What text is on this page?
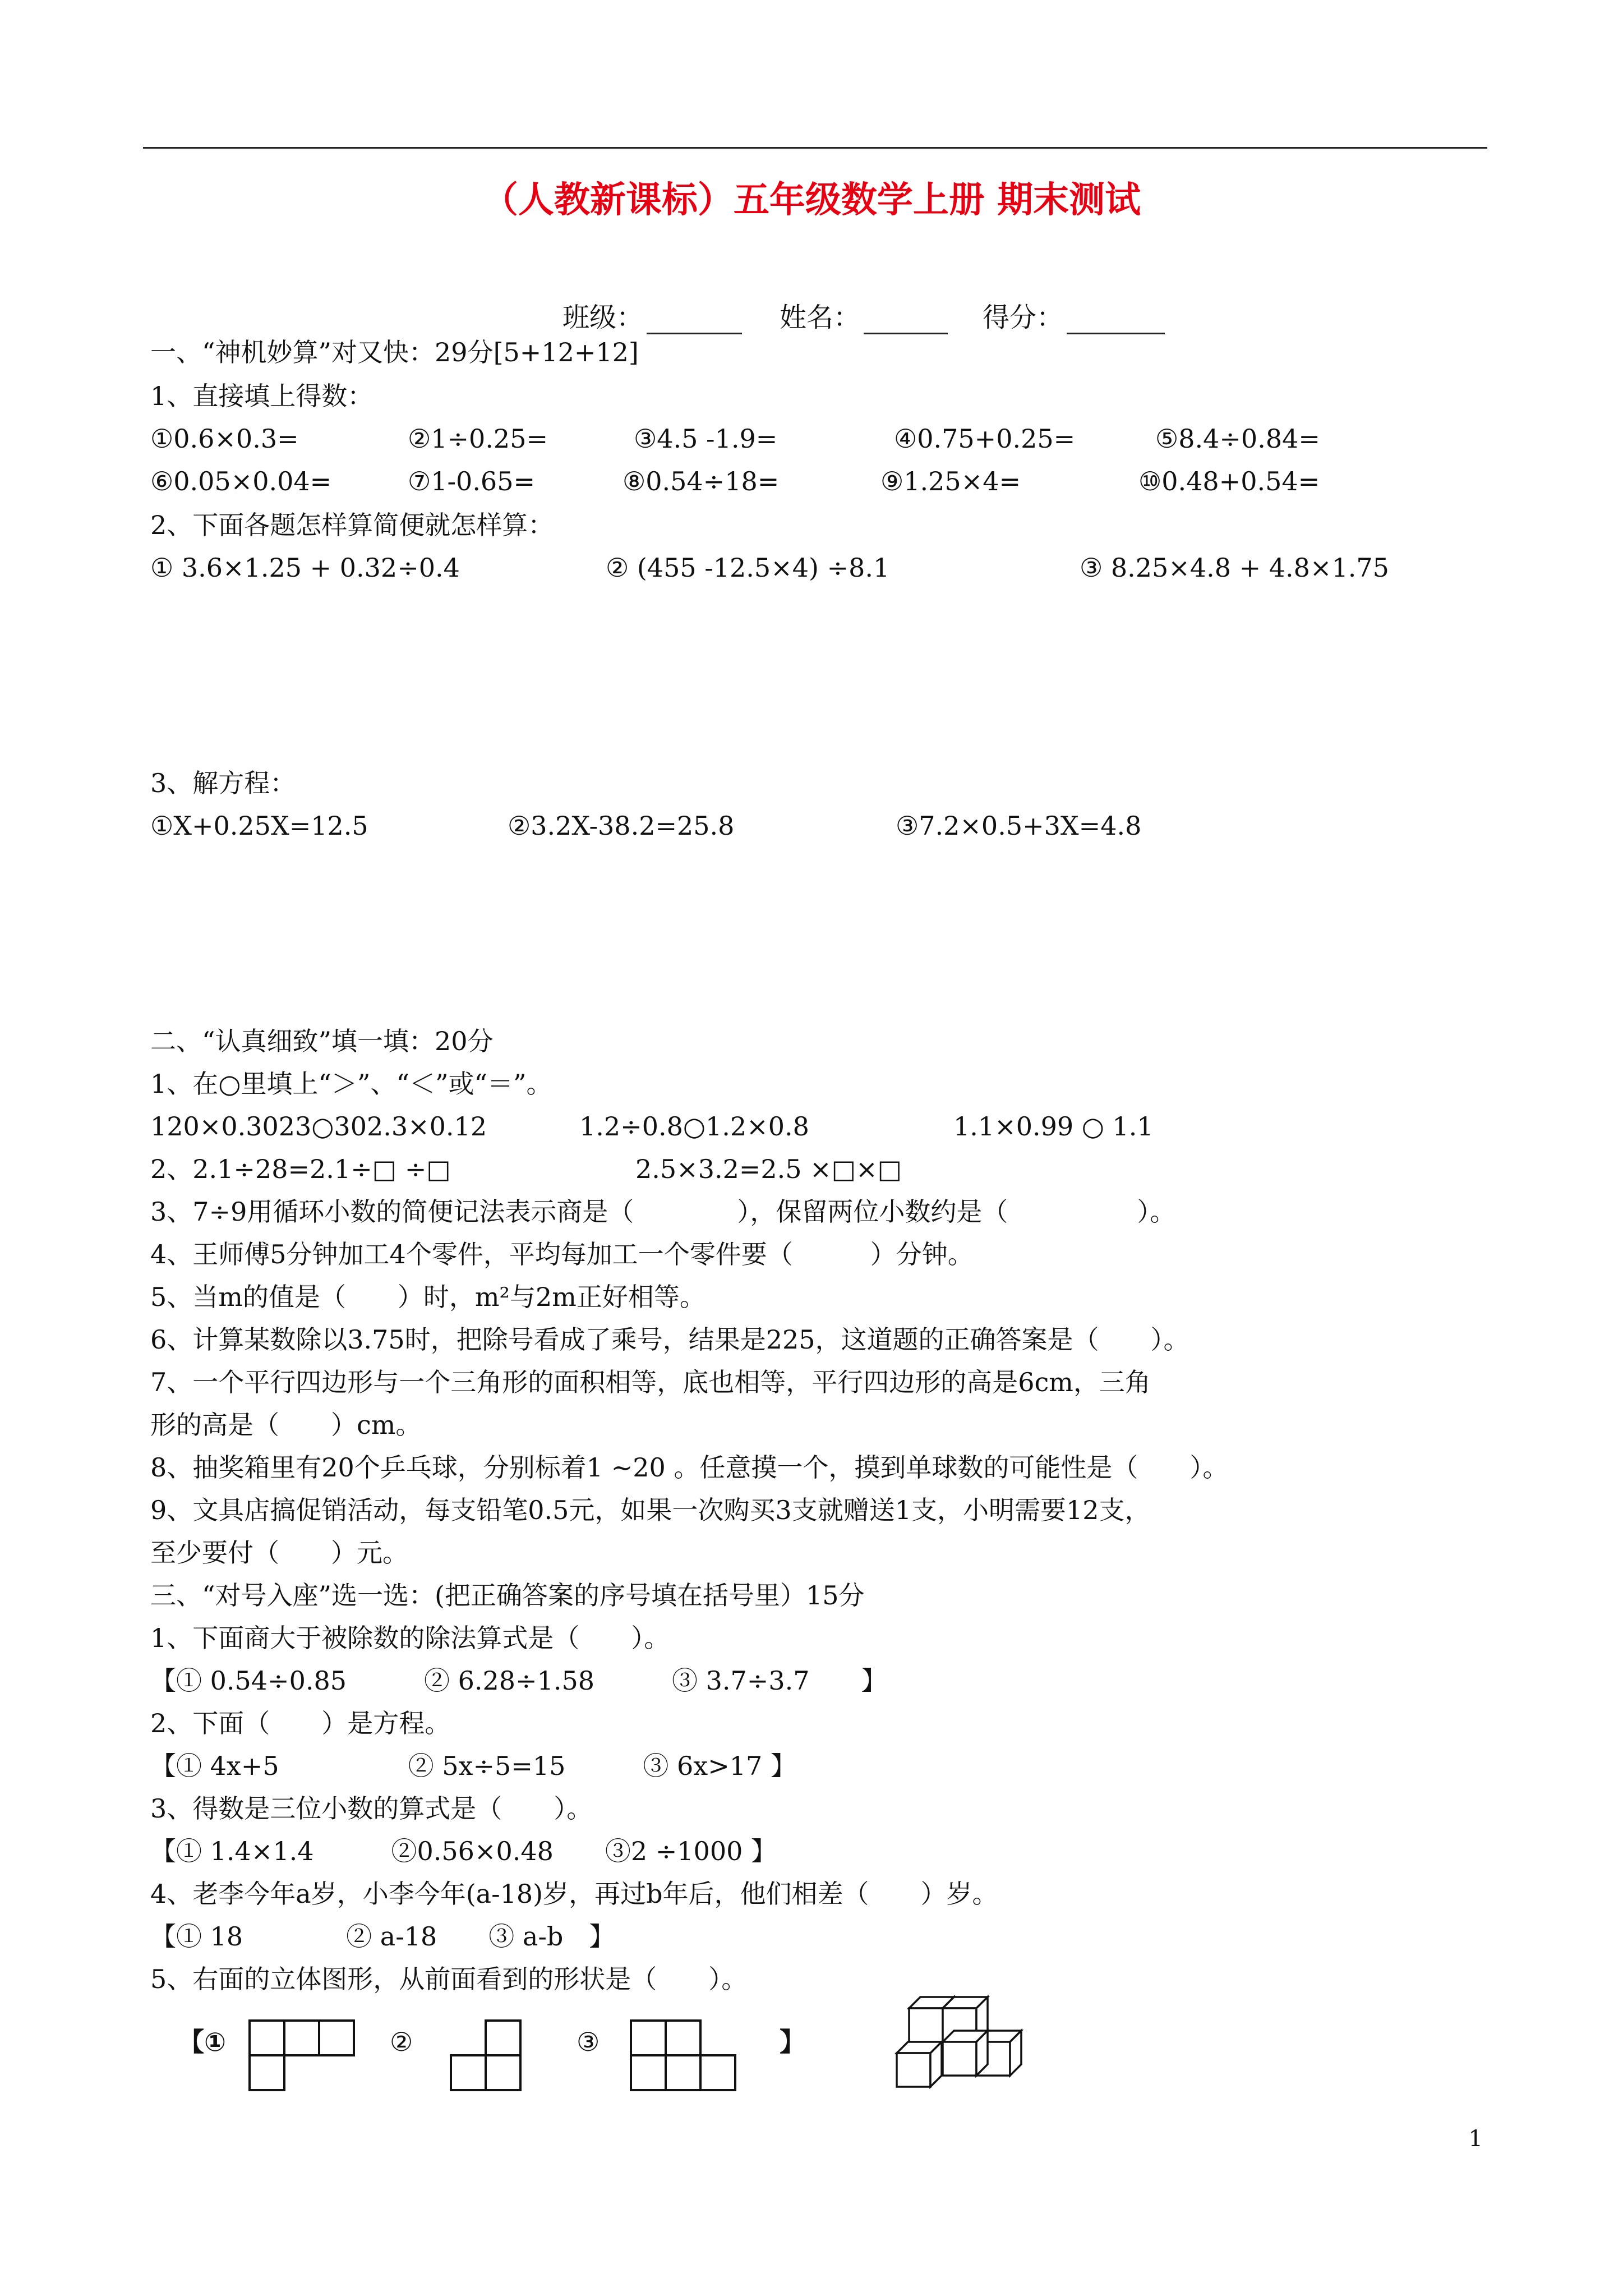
（人教新课标）五年级数学上册 期末测试
班级：	姓名：	得分：
一、“神机妙算”对又快：29分[5+12+12]
1、直接填上得数：
①0.6×0.3=	②1÷0.25=	③4.5 -1.9=	④0.75+0.25=	⑤8.4÷0.84=
⑥0.05×0.04=	⑦1-0.65=	⑧0.54÷18=	⑨1.25×4=	⑩0.48+0.54=
2、下面各题怎样算简便就怎样算：
① 3.6×1.25 + 0.32÷0.4	② (455 -12.5×4) ÷8.1	③ 8.25×4.8 + 4.8×1.75
3、解方程：
①X+0.25X=12.5	②3.2X-38.2=25.8	③7.2×0.5+3X=4.8
二、“认真细致”填一填：20分
1、在○里填上“＞”、“＜”或“＝”。
120×0.3023○302.3×0.12	1.2÷0.8○1.2×0.8	1.1×0.99 ○ 1.1
2、2.1÷28=2.1÷□ ÷□	2.5×3.2=2.5 ×□×□
3、7÷9用循环小数的简便记法表示商是（　　　　），保留两位小数约是（　　　　　）。
4、王师傅5分钟加工4个零件，平均每加工一个零件要（　　　）分钟。
5、当m的值是（　　）时，m²与2m正好相等。
6、计算某数除以3.75时，把除号看成了乘号，结果是225，这道题的正确答案是（　　）。
7、一个平行四边形与一个三角形的面积相等，底也相等，平行四边形的高是6cm，三角
形的高是（　　）cm。
8、抽奖箱里有20个乒乓球，分别标着1 ~20 。任意摸一个，摸到单球数的可能性是（　　）。
9、文具店搞促销活动，每支铅笔0.5元，如果一次购买3支就赠送1支，小明需要12支，
至少要付（　　）元。
三、“对号入座”选一选：(把正确答案的序号填在括号里）15分
1、下面商大于被除数的除法算式是（　　）。
【① 0.54÷0.85　　　② 6.28÷1.58　　　③ 3.7÷3.7　　】
2、下面（　　）是方程。
【① 4x+5　　　　　② 5x÷5=15　　　③ 6x>17 】
3、得数是三位小数的算式是（　　）。
【① 1.4×1.4　　　②0.56×0.48　　③2 ÷1000 】
4、老李今年a岁，小李今年(a-18)岁，再过b年后，他们相差（　　）岁。
【① 18　　　　② a-18　　③ a-b　】
5、右面的立体图形，从前面看到的形状是（　　）。
【①	②	③	】
1
